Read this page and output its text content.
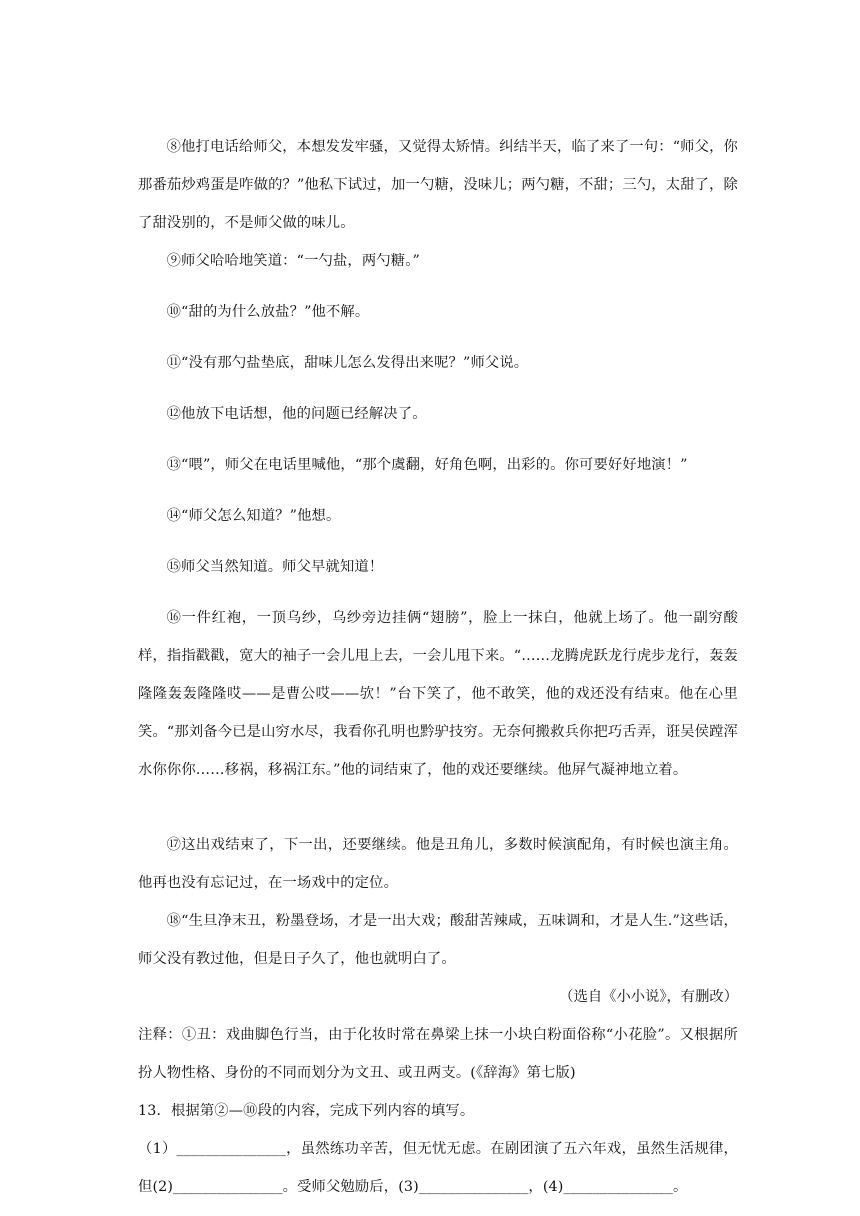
⑧他打电话给师父，本想发发牢骚，又觉得太矫情。纠结半天，临了来了一句：“师父，你那番茄炒鸡蛋是咋做的？”他私下试过，加一勺糖，没味儿；两勺糖，不甜；三勺，太甜了，除了甜没别的，不是师父做的味儿。

⑨师父哈哈地笑道：“一勺盐，两勺糖。”

⑩“甜的为什么放盐？”他不解。

⑪“没有那勺盐垫底，甜味儿怎么发得出来呢？”师父说。

⑫他放下电话想，他的问题已经解决了。

⑬“喂”，师父在电话里喊他，“那个虞翻，好角色啊，出彩的。你可要好好地演！”

⑭“师父怎么知道？”他想。

⑮师父当然知道。师父早就知道！

⑯一件红袍，一顶乌纱，乌纱旁边挂俩“翅膀”，脸上一抹白，他就上场了。他一副穷酸样，指指戳戳，宽大的袖子一会儿甩上去，一会儿甩下来。“……龙腾虎跃龙行虎步龙行，轰轰隆隆轰轰隆隆哎——是曹公哎——欤！”台下笑了，他不敢笑，他的戏还没有结束。他在心里笑。“那刘备今已是山穷水尽，我看你孔明也黔驴技穷。无奈何搬救兵你把巧舌弄，诳吴侯蹚浑水你你你……移祸，移祸江东。”他的词结束了，他的戏还要继续。他屏气凝神地立着。

⑰这出戏结束了，下一出，还要继续。他是丑角儿，多数时候演配角，有时候也演主角。他再也没有忘记过，在一场戏中的定位。

⑱“生旦净末丑，粉墨登场，才是一出大戏；酸甜苦辣咸，五味调和，才是人生.”这些话，师父没有教过他，但是日子久了，他也就明白了。

（选自《小小说》，有删改）

注释：①丑：戏曲脚色行当，由于化妆时常在鼻梁上抹一小块白粉面俗称“小花脸”。又根据所扮人物性格、身份的不同而划分为文丑、或丑两支。(《辞海》第七版)

13．根据第②—⑩段的内容，完成下列内容的填写。

（1）_______________，虽然练功辛苦，但无忧无虑。在剧团演了五六年戏，虽然生活规律，但(2)_______________。受师父勉励后，(3)_______________，(4)_______________。
